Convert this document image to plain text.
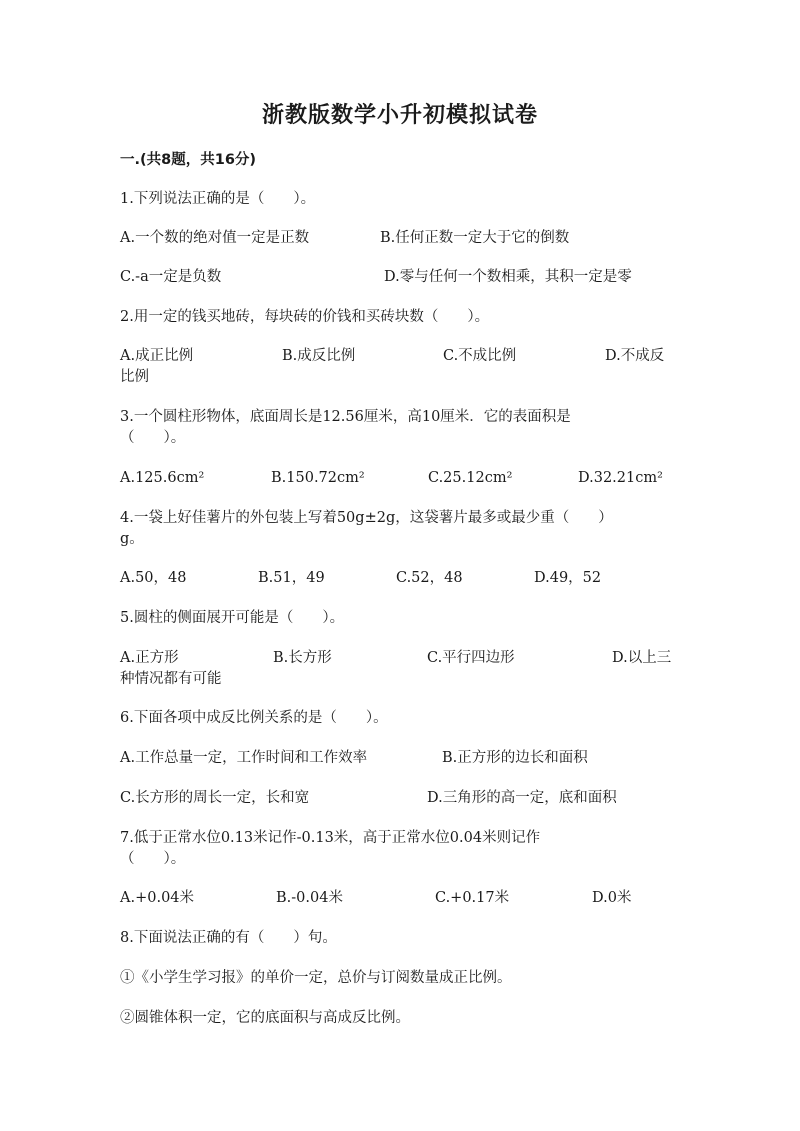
浙教版数学小升初模拟试卷
一.(共8题，共16分)
1.下列说法正确的是（　　）。
A.一个数的绝对值一定是正数	B.任何正数一定大于它的倒数
C.-a一定是负数	D.零与任何一个数相乘，其积一定是零
2.用一定的钱买地砖，每块砖的价钱和买砖块数（　　）。
A.成正比例	B.成反比例	C.不成比例	D.不成反
比例
3.一个圆柱形物体，底面周长是12.56厘米，高10厘米．它的表面积是
（　　）。
A.125.6cm²	B.150.72cm²	C.25.12cm²	D.32.21cm²
4.一袋上好佳薯片的外包装上写着50g±2g，这袋薯片最多或最少重（　　）
g。
A.50，48	B.51，49	C.52，48	D.49，52
5.圆柱的侧面展开可能是（　　）。
A.正方形	B.长方形	C.平行四边形	D.以上三
种情况都有可能
6.下面各项中成反比例关系的是（　　）。
A.工作总量一定，工作时间和工作效率	B.正方形的边长和面积
C.长方形的周长一定，长和宽	D.三角形的高一定，底和面积
7.低于正常水位0.13米记作-0.13米，高于正常水位0.04米则记作
（　　）。
A.+0.04米	B.-0.04米	C.+0.17米	D.0米
8.下面说法正确的有（　　）句。
①《小学生学习报》的单价一定，总价与订阅数量成正比例。
②圆锥体积一定，它的底面积与高成反比例。
